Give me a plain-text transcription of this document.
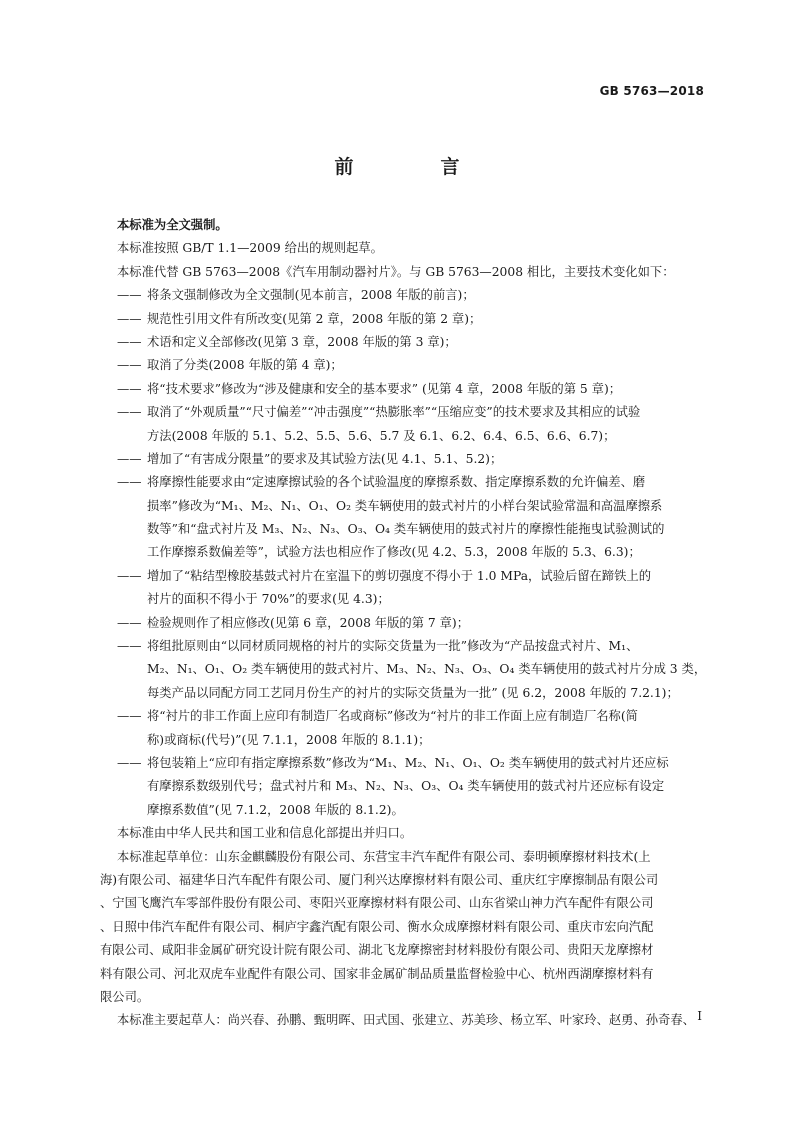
GB 5763—2018
前　言
本标准为全文强制。
本标准按照 GB/T 1.1—2009 给出的规则起草。
本标准代替 GB 5763—2008《汽车用制动器衬片》。与 GB 5763—2008 相比，主要技术变化如下：
—— 将条文强制修改为全文强制(见本前言，2008 年版的前言)；
—— 规范性引用文件有所改变(见第 2 章，2008 年版的第 2 章)；
—— 术语和定义全部修改(见第 3 章，2008 年版的第 3 章)；
—— 取消了分类(2008 年版的第 4 章)；
—— 将“技术要求”修改为“涉及健康和安全的基本要求” (见第 4 章，2008 年版的第 5 章)；
—— 取消了“外观质量”“尺寸偏差”“冲击强度”“热膨胀率”“压缩应变”的技术要求及其相应的试验
方法(2008 年版的 5.1、5.2、5.5、5.6、5.7 及 6.1、6.2、6.4、6.5、6.6、6.7)；
—— 增加了“有害成分限量”的要求及其试验方法(见 4.1、5.1、5.2)；
—— 将摩擦性能要求由“定速摩擦试验的各个试验温度的摩擦系数、指定摩擦系数的允许偏差、磨
损率”修改为“M₁、M₂、N₁、O₁、O₂ 类车辆使用的鼓式衬片的小样台架试验常温和高温摩擦系
数等”和“盘式衬片及 M₃、N₂、N₃、O₃、O₄ 类车辆使用的鼓式衬片的摩擦性能拖曳试验测试的
工作摩擦系数偏差等”，试验方法也相应作了修改(见 4.2、5.3，2008 年版的 5.3、6.3)；
—— 增加了“粘结型橡胶基鼓式衬片在室温下的剪切强度不得小于 1.0 MPa，试验后留在蹄铁上的
衬片的面积不得小于 70%”的要求(见 4.3)；
—— 检验规则作了相应修改(见第 6 章，2008 年版的第 7 章)；
—— 将组批原则由“以同材质同规格的衬片的实际交货量为一批”修改为“产品按盘式衬片、M₁、
M₂、N₁、O₁、O₂ 类车辆使用的鼓式衬片、M₃、N₂、N₃、O₃、O₄ 类车辆使用的鼓式衬片分成 3 类，
每类产品以同配方同工艺同月份生产的衬片的实际交货量为一批” (见 6.2，2008 年版的 7.2.1)；
—— 将“衬片的非工作面上应印有制造厂名或商标”修改为“衬片的非工作面上应有制造厂名称(简
称)或商标(代号)”(见 7.1.1，2008 年版的 8.1.1)；
—— 将包装箱上“应印有指定摩擦系数”修改为“M₁、M₂、N₁、O₁、O₂ 类车辆使用的鼓式衬片还应标
有摩擦系数级别代号；盘式衬片和 M₃、N₂、N₃、O₃、O₄ 类车辆使用的鼓式衬片还应标有设定
摩擦系数值”(见 7.1.2，2008 年版的 8.1.2)。
本标准由中华人民共和国工业和信息化部提出并归口。
本标准起草单位：山东金麒麟股份有限公司、东营宝丰汽车配件有限公司、泰明顿摩擦材料技术(上
海)有限公司、福建华日汽车配件有限公司、厦门利兴达摩擦材料有限公司、重庆红宇摩擦制品有限公司
、宁国飞鹰汽车零部件股份有限公司、枣阳兴亚摩擦材料有限公司、山东省梁山神力汽车配件有限公司
、日照中伟汽车配件有限公司、桐庐宇鑫汽配有限公司、衡水众成摩擦材料有限公司、重庆市宏向汽配
有限公司、咸阳非金属矿研究设计院有限公司、湖北飞龙摩擦密封材料股份有限公司、贵阳天龙摩擦材
料有限公司、河北双虎车业配件有限公司、国家非金属矿制品质量监督检验中心、杭州西湖摩擦材料有
限公司。
本标准主要起草人：尚兴春、孙鹏、甄明晖、田式国、张建立、苏美珍、杨立军、叶家玲、赵勇、孙奇春、 I
